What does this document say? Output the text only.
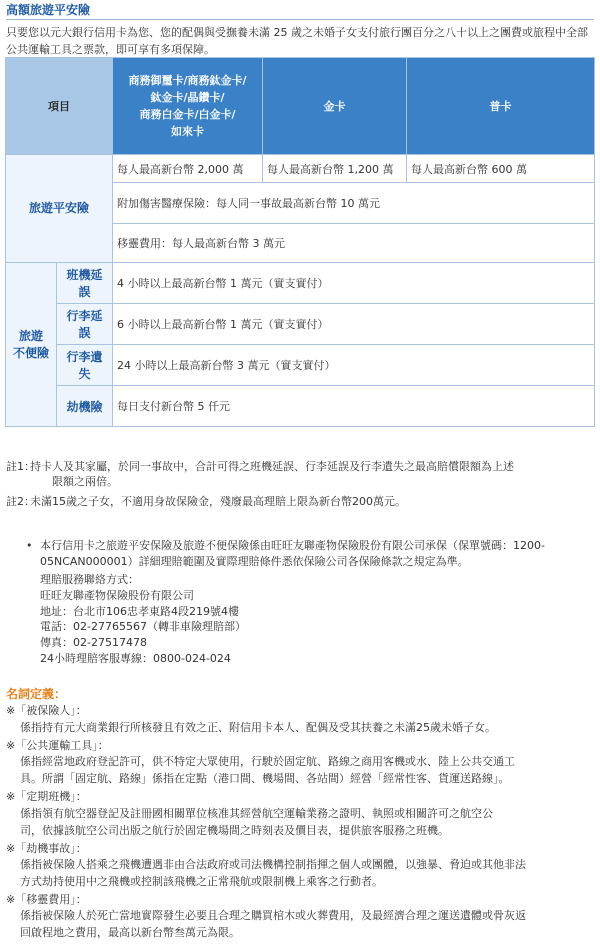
高額旅遊平安險
只要您以元大銀行信用卡為您、您的配偶與受撫養未滿 25 歲之未婚子女支付旅行團百分之八十以上之團費或旅程中全部公共運輸工具之票款，即可享有多項保障。
項目		商務御璽卡/商務鈦金卡/
鈦金卡/晶鑽卡/
商務白金卡/白金卡/
如來卡	金卡	普卡
旅遊平安險		每人最高新台幣 2,000 萬	每人最高新台幣 1,200 萬	每人最高新台幣 600 萬
		附加傷害醫療保險：每人同一事故最高新台幣 10 萬元		
		移靈費用：每人最高新台幣 3 萬元		

旅遊
不便險	班機延誤	4 小時以上最高新台幣 1 萬元（實支實付）		
	行李延誤	6 小時以上最高新台幣 1 萬元（實支實付）		
	行李遺失	24 小時以上最高新台幣 3 萬元（實支實付）		
	劫機險	每日支付新台幣 5 仟元		
註1：
持卡人及其家屬，於同一事故中，合計可得之班機延誤、行李延誤及行李遺失之最高賠償限額為上述
限額之兩倍。
註2：
未滿15歲之子女，不適用身故保險金，殘廢最高理賠上限為新台幣200萬元。
• 本行信用卡之旅遊平安保險及旅遊不便保險係由旺旺友聯產物保險股份有限公司承保（保單號碼：1200-05NCAN000001）詳細理賠範圍及實際理賠條件悉依保險公司各保險條款之規定為準。
理賠服務聯絡方式：
旺旺友聯產物保險股份有限公司
地址：台北市106忠孝東路4段219號4樓
電話：02-27765567（轉非車險理賠部）
傳真：02-27517478
24小時理賠客服專線：0800-024-024
名詞定義：
※「被保險人」：
係指持有元大商業銀行所核發且有效之正、附信用卡本人、配偶及受其扶養之未滿25歲未婚子女。
※「公共運輸工具」：
係指經當地政府登記許可，供不特定大眾使用，行駛於固定航、路線之商用客機或水、陸上公共交通工
具。所謂「固定航、路線」係指在定點（港口間、機場間、各站間）經營「經常性客、貨運送路線」。
※「定期班機」：
係指領有航空器登記及註冊國相關單位核准其經營航空運輸業務之證明、執照或相關許可之航空公
司，依據該航空公司出版之航行於固定機場間之時刻表及價目表，提供旅客服務之班機。
※「劫機事故」：
係指被保險人搭乘之飛機遭遇非由合法政府或司法機構控制指揮之個人或團體，以強暴、脅迫或其他非法
方式劫持使用中之飛機或控制該飛機之正常飛航或限制機上乘客之行動者。
※「移靈費用」：
係指被保險人於死亡當地實際發生必要且合理之購買棺木或火葬費用，及最經濟合理之運送遺體或骨灰返
回啟程地之費用，最高以新台幣叁萬元為限。
